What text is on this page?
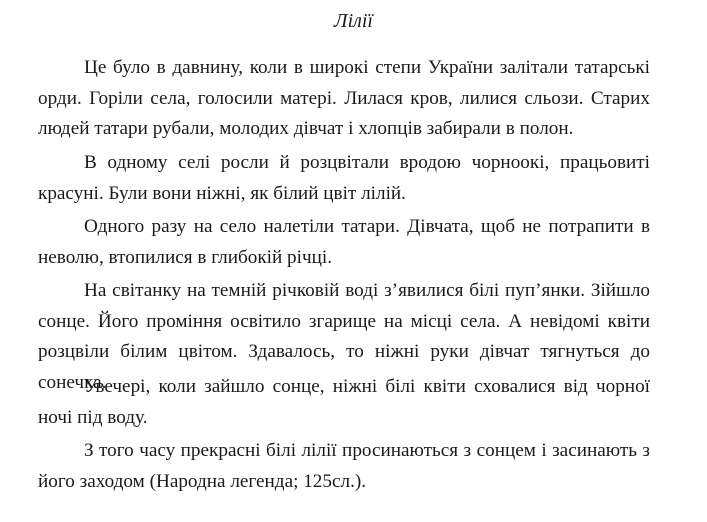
Лілії

Це було в давнину, коли в широкі степи України залітали татарські орди. Горіли села, голосили матері. Лилася кров, лилися сльози. Старих людей татари рубали, молодих дівчат і хлопців забирали в полон.

В одному селі росли й розцвітали вродою чорноокі, працьовиті красуні. Були вони ніжні, як білий цвіт лілій.

Одного разу на село налетіли татари. Дівчата, щоб не потрапити в неволю, втопилися в глибокій річці.

На світанку на темній річковій воді з’явилися білі пуп’янки. Зійшло сонце. Його проміння освітило згарище на місці села. А невідомі квіти розцвіли білим цвітом. Здавалось, то ніжні руки дівчат тягнуться до сонечка.

Увечері, коли зайшло сонце, ніжні білі квіти сховалися від чорної ночі під воду.

З того часу прекрасні білі лілії просинаються з сонцем і засинають з його заходом (Народна легенда; 125сл.).
